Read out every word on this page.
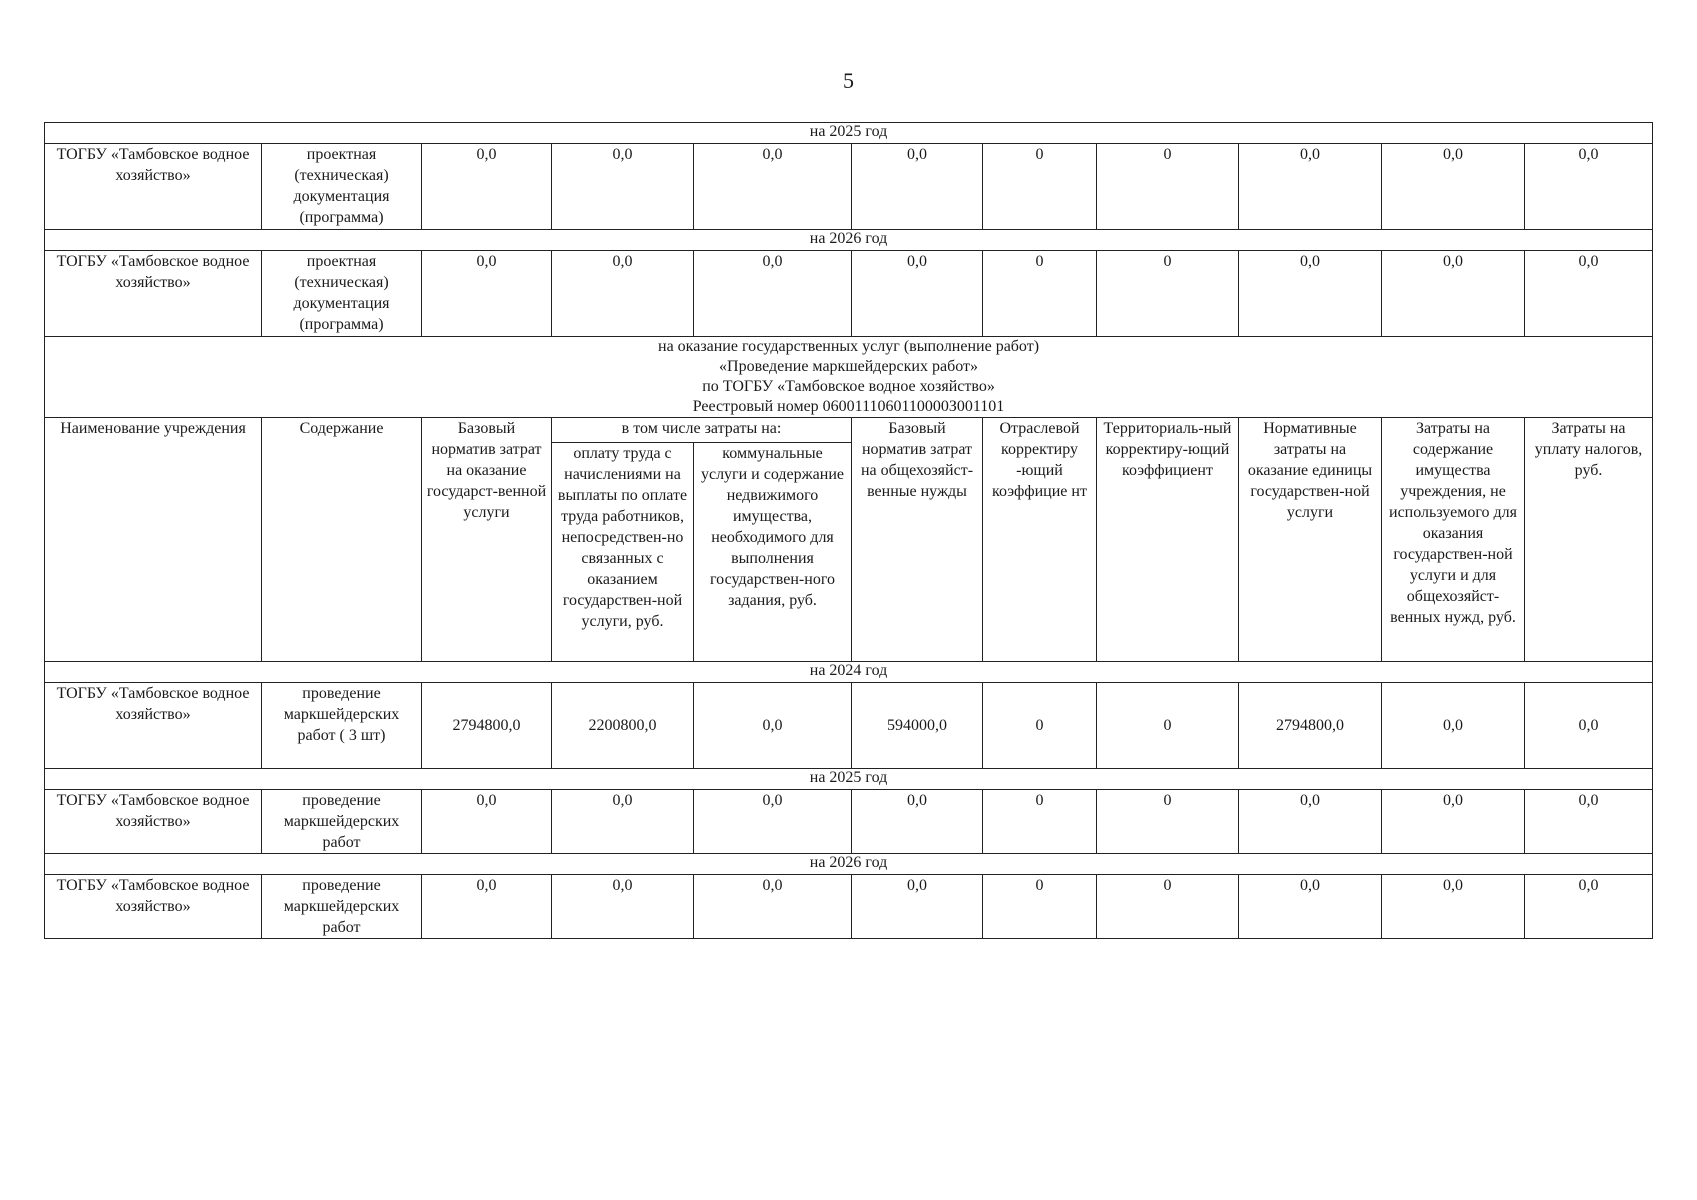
5
на 2025 год										
ТОГБУ «Тамбовское водное хозяйство»	проектная (техническая) документация (программа)	0,0	0,0	0,0	0,0	0	0	0,0	0,0	0,0
на 2026 год										
ТОГБУ «Тамбовское водное хозяйство»	проектная (техническая) документация (программа)	0,0	0,0	0,0	0,0	0	0	0,0	0,0	0,0

на оказание государственных услуг (выполнение работ)
«Проведение маркшейдерских работ»
по ТОГБУ «Тамбовское водное хозяйство»
Реестровый номер 0600111060110000З001101										

Наименование учреждения	Содержание	Базовый норматив затрат на оказание государст-венной услуги	в том числе затраты на:		Базовый норматив затрат на общехозяйст-венные нужды	Отраслевой корректиру -ющий коэффицие нт	Территориаль-ный корректиру-ющий коэффициент	Нормативные затраты на оказание единицы государствен-ной услуги	Затраты на содержание имущества учреждения, не используемого для оказания государствен-ной услуги и для общехозяйст-венных нужд, руб.	Затраты на уплату налогов, руб.
			оплату труда с начислениями на выплаты по оплате труда работников, непосредствен-но связанных с оказанием государствен-ной услуги, руб.	коммунальные услуги и содержание недвижимого имущества, необходимого для выполнения государствен-ного задания, руб.						
на 2024 год										
ТОГБУ «Тамбовское водное хозяйство»	проведение маркшейдерских работ ( 3 шт)	2794800,0	2200800,0	0,0	594000,0	0	0	2794800,0	0,0	0,0
на 2025 год										
ТОГБУ «Тамбовское водное хозяйство»	проведение маркшейдерских работ	0,0	0,0	0,0	0,0	0	0	0,0	0,0	0,0
на 2026 год										
ТОГБУ «Тамбовское водное хозяйство»	проведение маркшейдерских работ	0,0	0,0	0,0	0,0	0	0	0,0	0,0	0,0
